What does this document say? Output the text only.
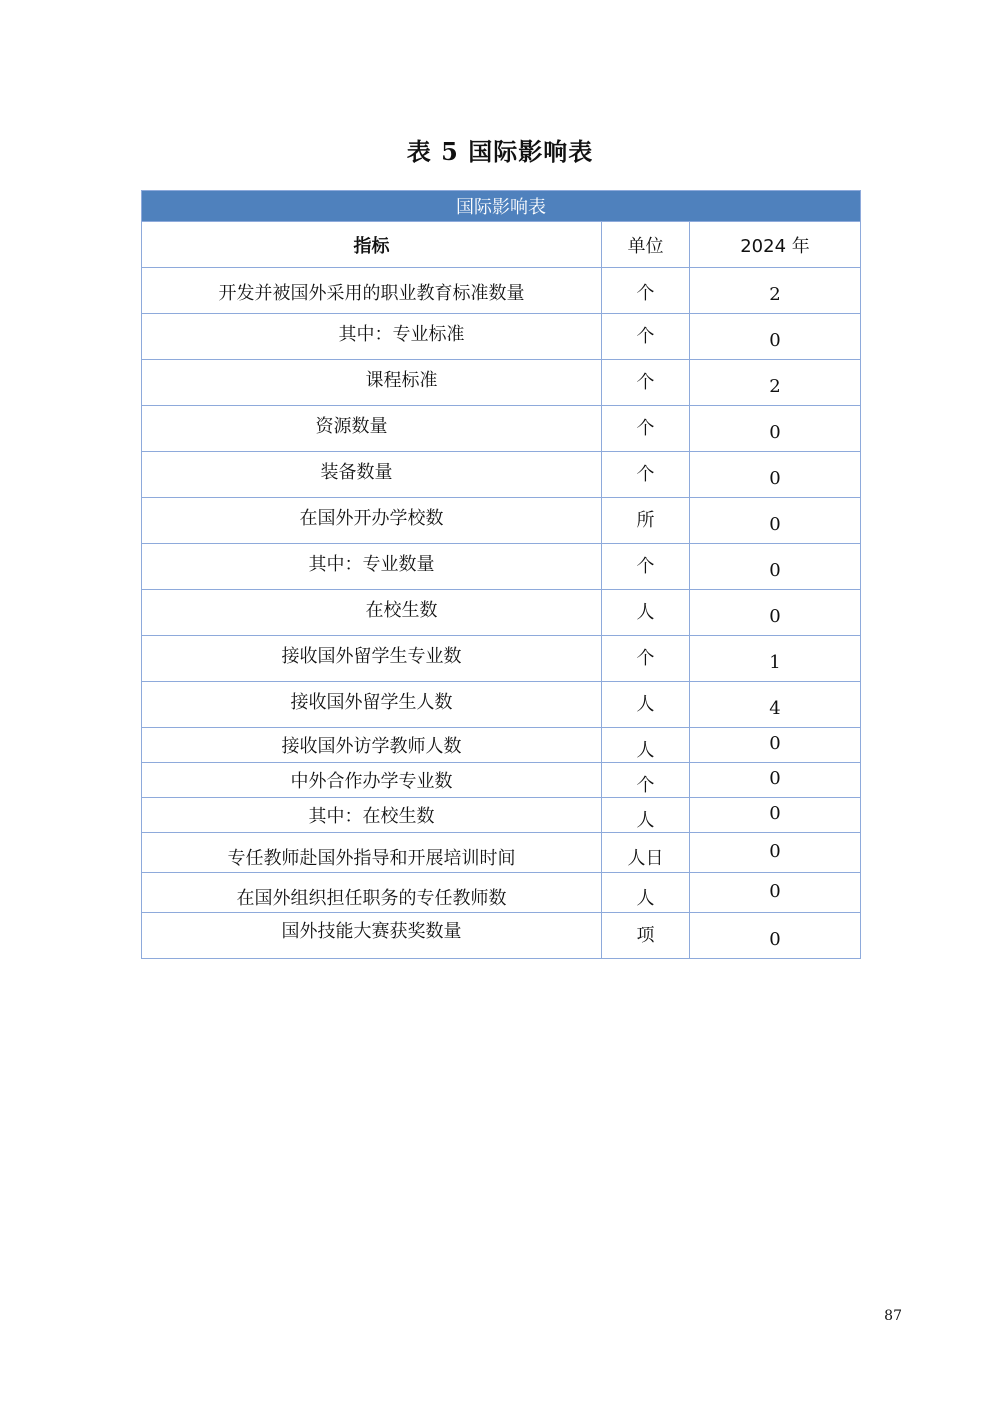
表 5 国际影响表
国际影响表		
指标	单位	2024 年
开发并被国外采用的职业教育标准数量	个	2
其中：专业标准	个	0
课程标准	个	2
资源数量	个	0
装备数量	个	0
在国外开办学校数	所	0
其中：专业数量	个	0
在校生数	人	0
接收国外留学生专业数	个	1
接收国外留学生人数	人	4
接收国外访学教师人数	人	0
中外合作办学专业数	个	0
其中：在校生数	人	0
专任教师赴国外指导和开展培训时间	人日	0
在国外组织担任职务的专任教师数	人	0
国外技能大赛获奖数量	项	0
87
